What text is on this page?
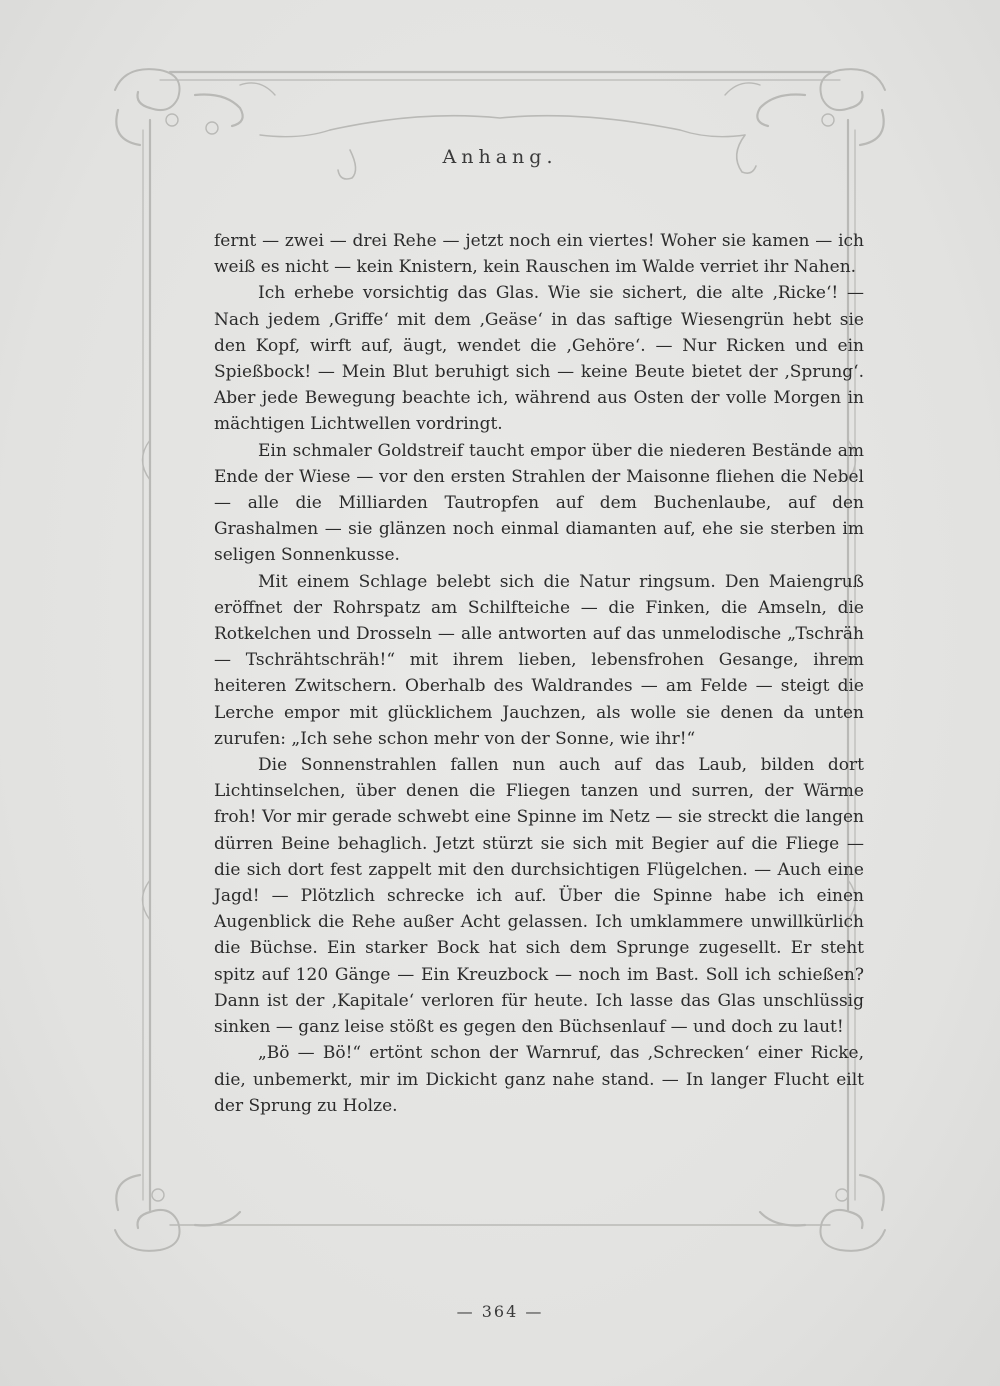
Anhang.

fernt — zwei — drei Rehe — jetzt noch ein viertes! Woher sie kamen — ich weiß es nicht — kein Knistern, kein Rauschen im Walde verriet ihr Nahen.

Ich erhebe vorsichtig das Glas. Wie sie sichert, die alte ‚Ricke‘! — Nach jedem ‚Griffe‘ mit dem ‚Geäse‘ in das saftige Wiesengrün hebt sie den Kopf, wirft auf, äugt, wendet die ‚Gehöre‘. — Nur Ricken und ein Spießbock! — Mein Blut beruhigt sich — keine Beute bietet der ‚Sprung‘. Aber jede Bewegung beachte ich, während aus Osten der volle Morgen in mächtigen Lichtwellen vordringt.

Ein schmaler Goldstreif taucht empor über die niederen Bestände am Ende der Wiese — vor den ersten Strahlen der Maisonne fliehen die Nebel — alle die Milliarden Tautropfen auf dem Buchenlaube, auf den Grashalmen — sie glänzen noch einmal diamanten auf, ehe sie sterben im seligen Sonnenkusse.

Mit einem Schlage belebt sich die Natur ringsum. Den Maiengruß eröffnet der Rohrspatz am Schilfteiche — die Finken, die Amseln, die Rotkelchen und Drosseln — alle antworten auf das unmelodische „Tschräh — Tschrähtschräh!“ mit ihrem lieben, lebensfrohen Gesange, ihrem heiteren Zwitschern. Oberhalb des Waldrandes — am Felde — steigt die Lerche empor mit glücklichem Jauchzen, als wolle sie denen da unten zurufen: „Ich sehe schon mehr von der Sonne, wie ihr!“

Die Sonnenstrahlen fallen nun auch auf das Laub, bilden dort Lichtinselchen, über denen die Fliegen tanzen und surren, der Wärme froh! Vor mir gerade schwebt eine Spinne im Netz — sie streckt die langen dürren Beine behaglich. Jetzt stürzt sie sich mit Begier auf die Fliege — die sich dort fest zappelt mit den durchsichtigen Flügelchen. — Auch eine Jagd! — Plötzlich schrecke ich auf. Über die Spinne habe ich einen Augenblick die Rehe außer Acht gelassen. Ich umklammere unwillkürlich die Büchse. Ein starker Bock hat sich dem Sprunge zugesellt. Er steht spitz auf 120 Gänge — Ein Kreuzbock — noch im Bast. Soll ich schießen? Dann ist der ‚Kapitale‘ verloren für heute. Ich lasse das Glas unschlüssig sinken — ganz leise stößt es gegen den Büchsenlauf — und doch zu laut!

„Bö — Bö!“ ertönt schon der Warnruf, das ‚Schrecken‘ einer Ricke, die, unbemerkt, mir im Dickicht ganz nahe stand. — In langer Flucht eilt der Sprung zu Holze.

— 364 —
